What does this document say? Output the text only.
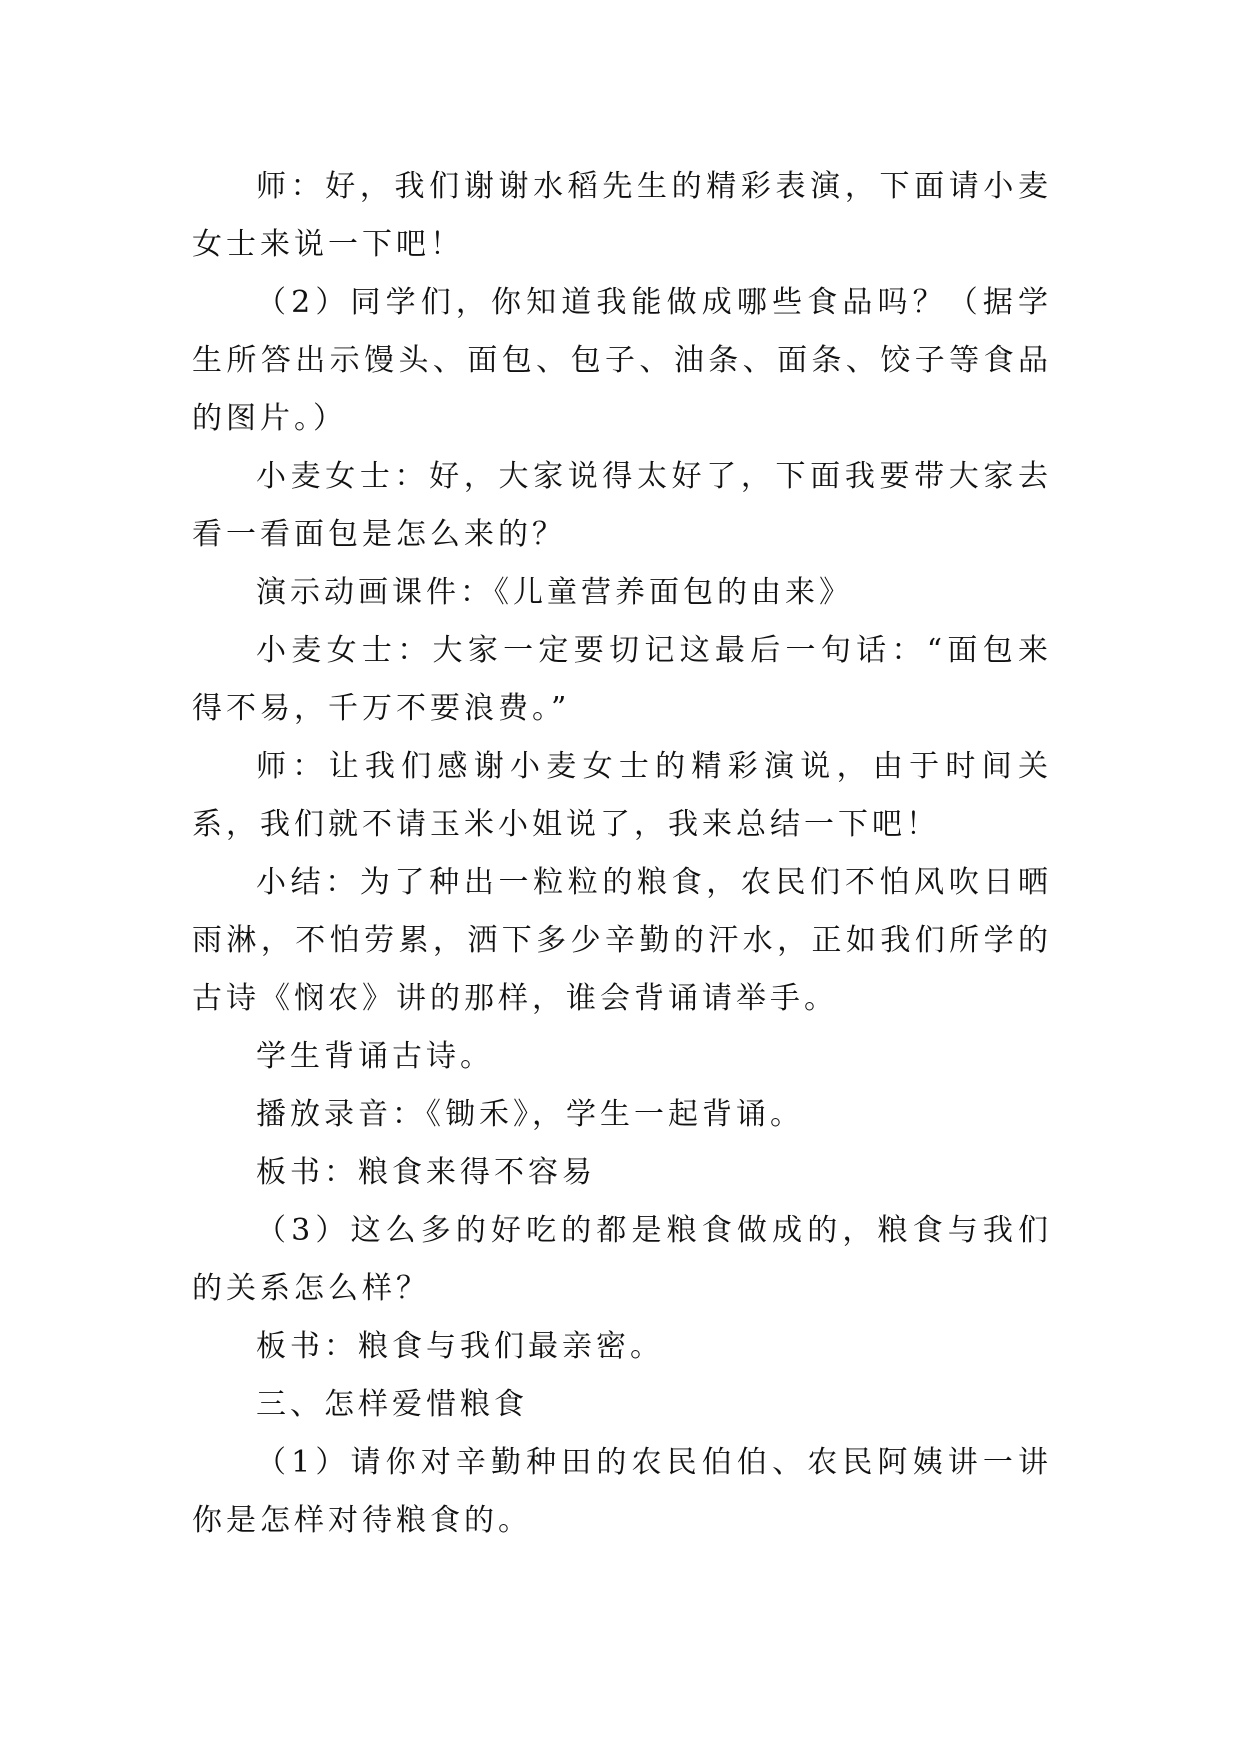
师：好，我们谢谢水稻先生的精彩表演，下面请小麦女士来说一下吧！

（2）同学们，你知道我能做成哪些食品吗？（据学生所答出示馒头、面包、包子、油条、面条、饺子等食品的图片。）

小麦女士：好，大家说得太好了，下面我要带大家去看一看面包是怎么来的？

演示动画课件：《儿童营养面包的由来》

小麦女士：大家一定要切记这最后一句话：“面包来得不易，千万不要浪费。”

师：让我们感谢小麦女士的精彩演说，由于时间关系，我们就不请玉米小姐说了，我来总结一下吧！

小结：为了种出一粒粒的粮食，农民们不怕风吹日晒雨淋，不怕劳累，洒下多少辛勤的汗水，正如我们所学的古诗《悯农》讲的那样，谁会背诵请举手。

学生背诵古诗。

播放录音：《锄禾》，学生一起背诵。

板书：粮食来得不容易

（3）这么多的好吃的都是粮食做成的，粮食与我们的关系怎么样？

板书：粮食与我们最亲密。

三、怎样爱惜粮食

（1）请你对辛勤种田的农民伯伯、农民阿姨讲一讲你是怎样对待粮食的。
